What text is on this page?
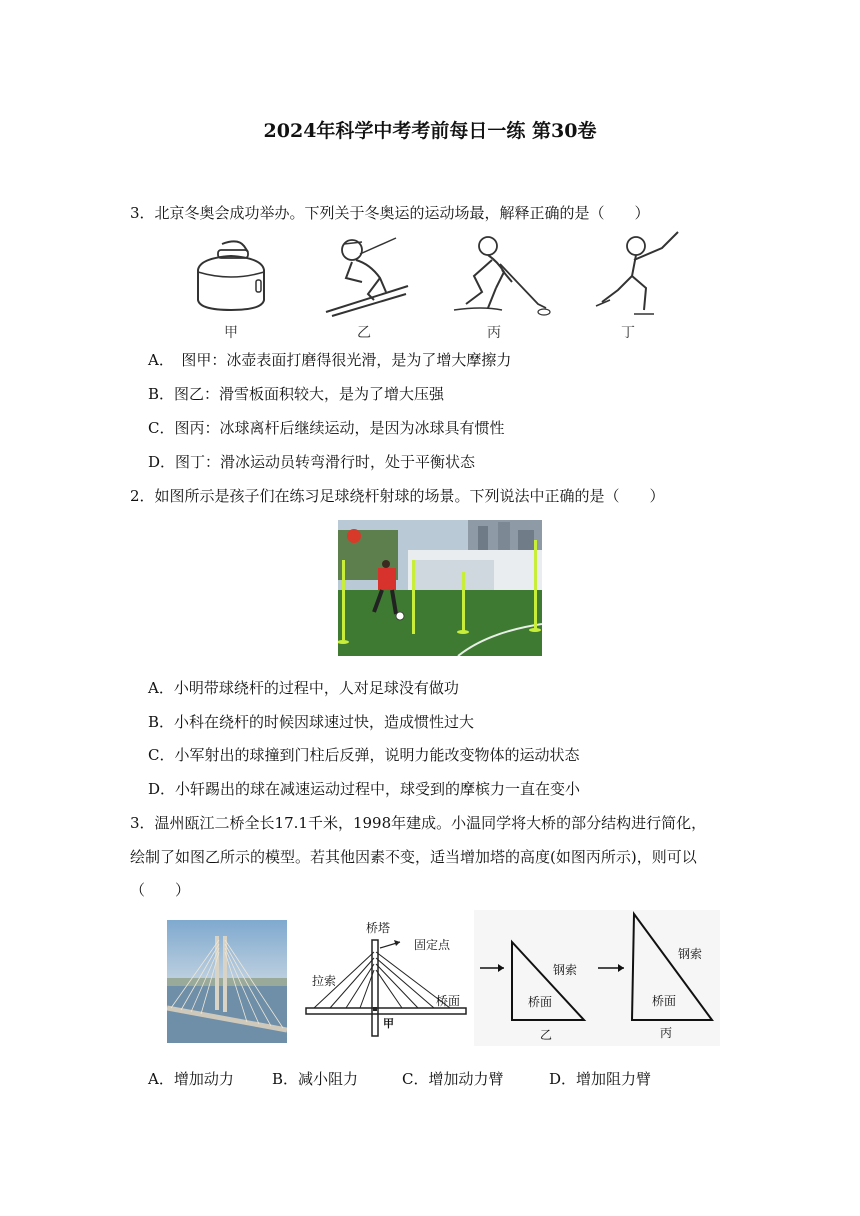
2024年科学中考考前每日一练 第30卷
3．北京冬奥会成功举办。下列关于冬奥运的运动场最，解释正确的是（　　）
甲	乙	丙	丁
A．　图甲：冰壶表面打磨得很光滑，是为了增大摩擦力
B．图乙：滑雪板面积较大，是为了增大压强
C．图丙：冰球离杆后继续运动，是因为冰球具有惯性
D．图丁：滑冰运动员转弯滑行时，处于平衡状态
2．如图所示是孩子们在练习足球绕杆射球的场景。下列说法中正确的是（　　）
A．小明带球绕杆的过程中，人对足球没有做功
B．小科在绕杆的时候因球速过快，造成惯性过大
C．小军射出的球撞到门柱后反弹，说明力能改变物体的运动状态
D．小轩踢出的球在减速运动过程中，球受到的摩槟力一直在变小
3．温州瓯江二桥全长17.1千米，1998年建成。小温同学将大桥的部分结构进行简化，
绘制了如图乙所示的模型。若其他因素不变，适当增加塔的高度(如图丙所示)，则可以
（　　）
桥塔
固定点
拉索
桥面
甲
钢索
桥面
乙
钢索
桥面
丙
A．增加动力	B．减小阻力	C．增加动力臂	D．增加阻力臂
